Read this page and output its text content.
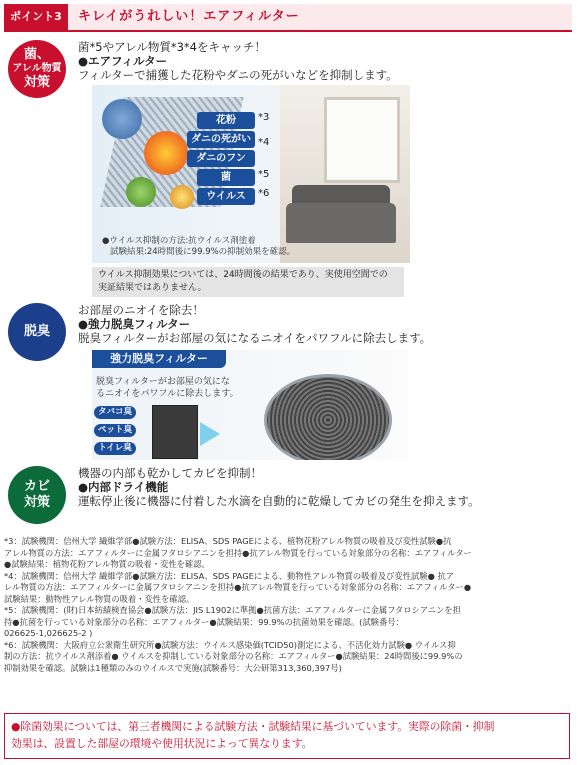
ポイント3	キレイがうれしい！エアフィルター
菌、
アレル物質
対策
菌*5やアレル物質*3*4をキャッチ！
●エアフィルター
フィルターで捕獲した花粉やダニの死がいなどを抑制します。
花粉	*3
ダニの死がい *4
ダニのフン
菌	*5
ウイルス	*6
●ウイルス抑制の方法:抗ウイルス剤塗着
試験結果:24時間後に99.9%の抑制効果を確認。
ウイルス抑制効果については、24時間後の結果であり、実使用空間での
実証結果ではありません。
脱臭
お部屋のニオイを除去！
●強力脱臭フィルター
脱臭フィルターがお部屋の気になるニオイをパワフルに除去します。
強力脱臭フィルター
脱臭フィルターがお部屋の気にな
るニオイをパワフルに除去します。
タバコ臭
ペット臭
トイレ臭
カビ
対策
機器の内部も乾かしてカビを抑制！
●内部ドライ機能
運転停止後に機器に付着した水滴を自動的に乾燥してカビの発生を抑えます。
*3：試験機関：信州大学 繊維学部●試験方法：ELISA、SDS PAGEによる、植物花粉アレル物質の吸着及び変性試験●抗
アレル物質の方法：エアフィルターに金属フタロシアニンを担持●抗アレル物質を行っている対象部分の名称：エアフィルター
●試験結果：植物花粉アレル物質の吸着・変性を確認。
*4：試験機関：信州大学 繊維学部●試験方法：ELISA、SDS PAGEによる、動物性アレル物質の吸着及び変性試験● 抗ア
レル物質の方法：エアフィルターに金属フタロシアニンを担持●抗アレル物質を行っている対象部分の名称：エアフィルター●
試験結果：動物性アレル物質の吸着・変性を確認。
*5：試験機関：(財)日本紡績検査協会●試験方法：JIS L1902に準拠●抗菌方法：エアフィルターに金属フタロシアニンを担
持●抗菌を行っている対象部分の名称：エアフィルター●試験結果：99.9%の抗菌効果を確認。(試験番号：
026625-1,026625-2 )
*6：試験機関：大阪府立公衆衛生研究所●試験方法：ウイルス感染価(TCID50)測定による、不活化効力試験● ウイルス抑
制の方法：抗ウイルス剤添着● ウイルスを抑制している対象部分の名称：エアフィルター●試験結果：24時間後に99.9%の
抑制効果を確認。試験は1種類のみのウイルスで実施(試験番号：大公研第313,360,397号)
●除菌効果については、第三者機関による試験方法・試験結果に基づいています。実際の除菌・抑制
効果は、設置した部屋の環境や使用状況によって異なります。
